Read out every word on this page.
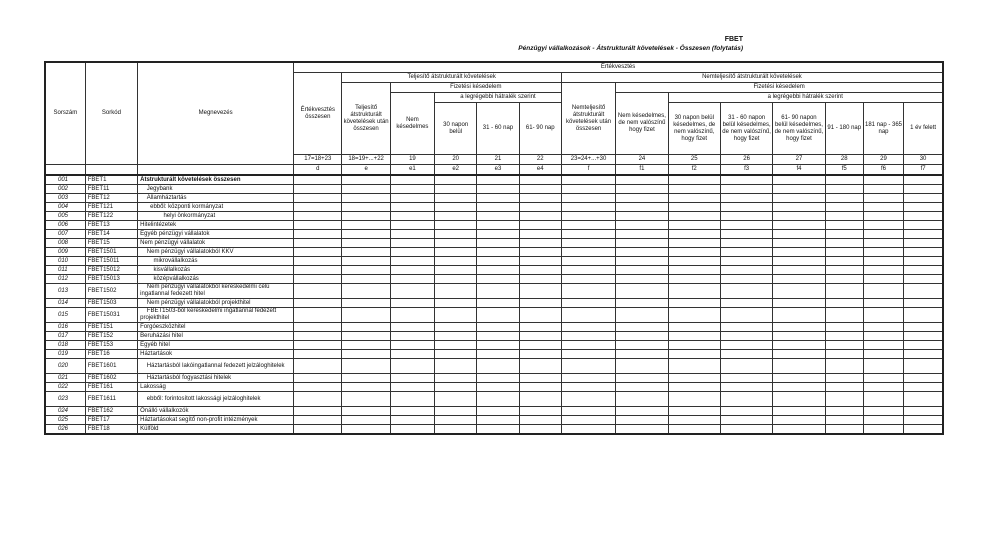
FBET
Pénzügyi vállalkozások - Átstrukturált követelések - Összesen (folytatás)
Sorszám	Sorkód	Megnevezés	Értékvesztés													
			Értékvesztés összesen	Teljesítő átstrukturált követelések					Nemteljesítő átstrukturált követelések							
				Teljesítő átstrukturált követelések után összesen	Fizetési késedelem				Nemteljesítő átstrukturált követelések után összesen	Fizetési késedelem						
					Nem késedelmes	a legrégebbi hátralék szerint				Nem késedelmes, de nem valószínű hogy fizet	a legrégebbi hátralék szerint					
						30 napon belül	31 - 60 nap	61- 90 nap			30 napon belül késedelmes, de nem valószínű, hogy fizet	31 - 60 napon belül késedelmes, de nem valószínű, hogy fizet	61- 90 napon belül késedelmes, de nem valószínű, hogy fizet	91 - 180 nap	181 nap - 365 nap	1 év felett
			17=18+23	18=19+...+22	19	20	21	22	23=24+...+30	24	25	26	27	28	29	30
			d	e	e1	e2	e3	e4	f	f1	f2	f3	f4	f5	f6	f7
001	FBET1	Átstrukturált követelések összesen														
002	FBET11	Jegybank														
003	FBET12	Államháztartás														
004	FBET121	ebből: központi kormányzat														
005	FBET122	helyi önkormányzat														
006	FBET13	Hitelintézetek														
007	FBET14	Egyéb pénzügyi vállalatok														
008	FBET15	Nem pénzügyi vállalatok														
009	FBET1501	Nem pénzügyi vállalatokból KKV														
010	FBET15011	mikrovállalkozás														
011	FBET15012	kisvállalkozás														
012	FBET15013	középvállalkozás														
013	FBET1502	Nem pénzügyi vállalatokból kereskedelmi célú ingatlannal fedezett hitel														
014	FBET1503	Nem pénzügyi vállalatokból projekthitel														
015	FBET15031	FBET1503-ból kereskedelmi ingatlannal fedezett projekthitel														
016	FBET151	Forgóeszközhitel														
017	FBET152	Beruházási hitel														
018	FBET153	Egyéb hitel														
019	FBET16	Háztartások														
020	FBET1601	Háztartásból lakóingatlannal fedezett jelzáloghitelek														
021	FBET1602	Háztartásból fogyasztási hitelek														
022	FBET161	Lakosság														
023	FBET1611	ebből: forintosított lakossági jelzáloghitelek														
024	FBET162	Önálló vállalkozók														
025	FBET17	Háztartásokat segítő non-profit intézmények														
026	FBET18	Külföld														
